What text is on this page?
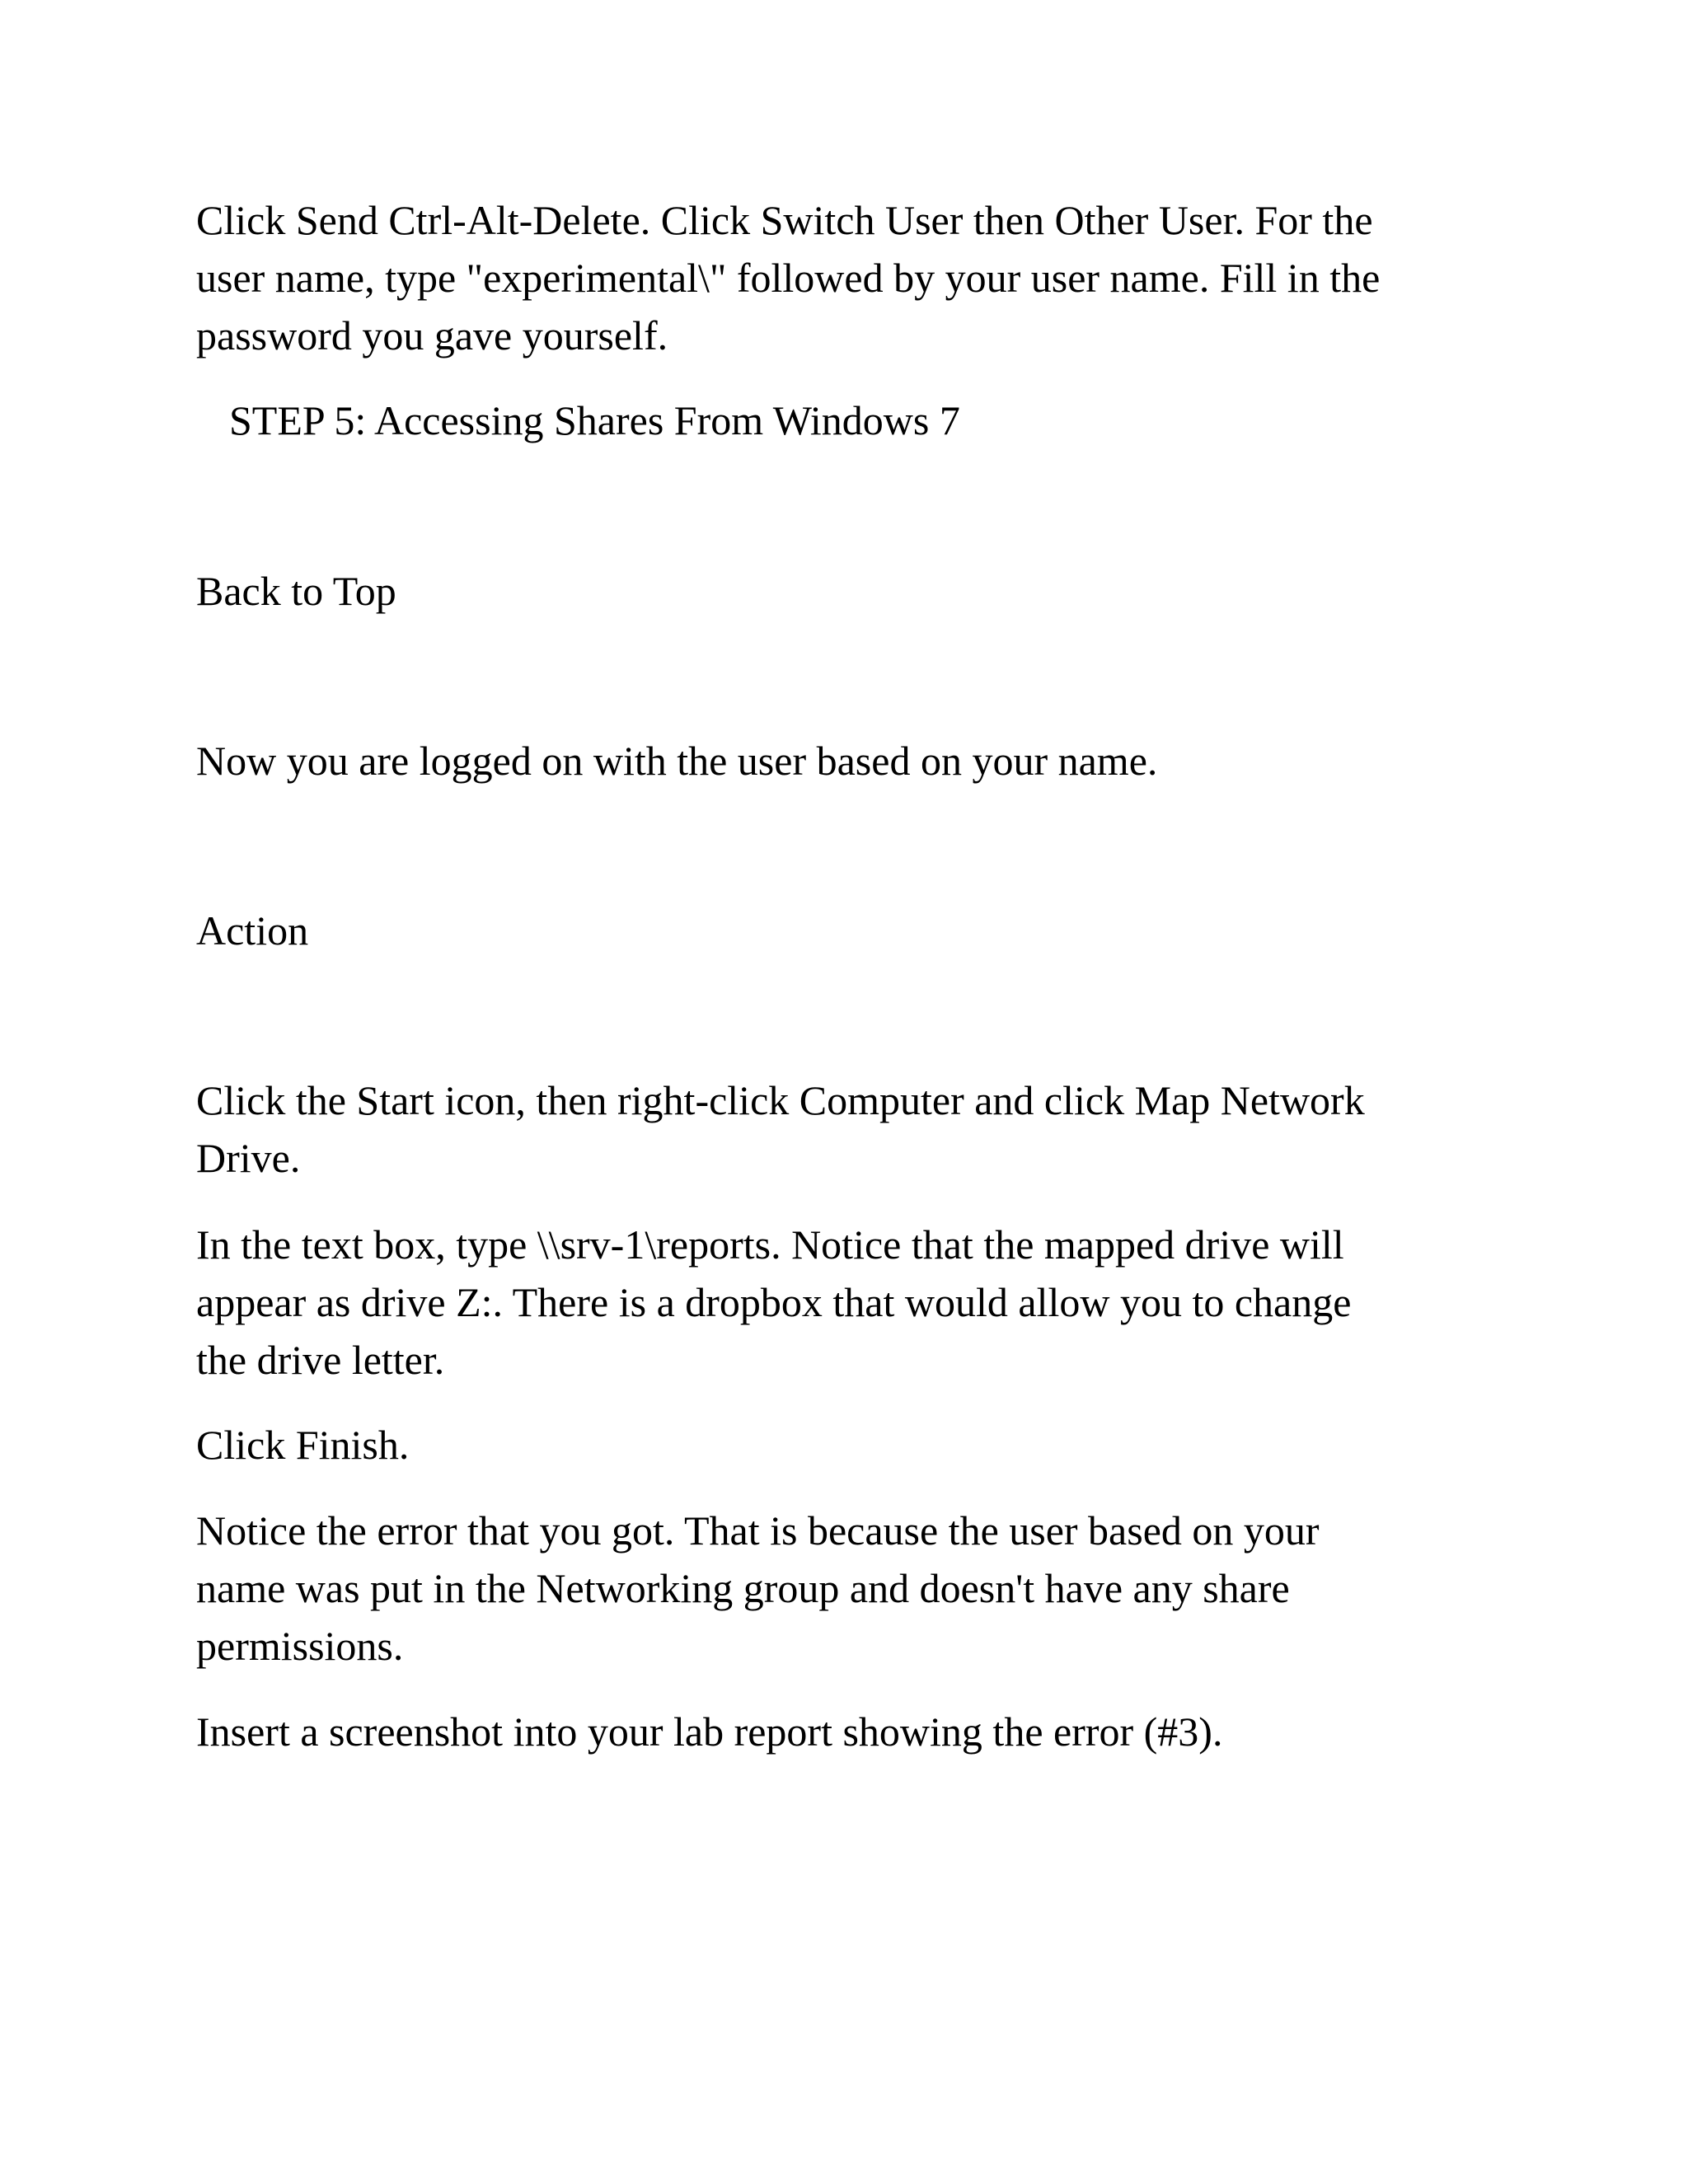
Click Send Ctrl-Alt-Delete. Click Switch User then Other User. For the

user name, type "experimental\" followed by your user name. Fill in the

password you gave yourself.

STEP 5: Accessing Shares From Windows 7

Back to Top

Now you are logged on with the user based on your name.

Action

Click the Start icon, then right-click Computer and click Map Network

Drive.

In the text box, type \\srv-1\reports. Notice that the mapped drive will

appear as drive Z:. There is a dropbox that would allow you to change

the drive letter.

Click Finish.

Notice the error that you got. That is because the user based on your

name was put in the Networking group and doesn't have any share

permissions.

Insert a screenshot into your lab report showing the error (#3).
